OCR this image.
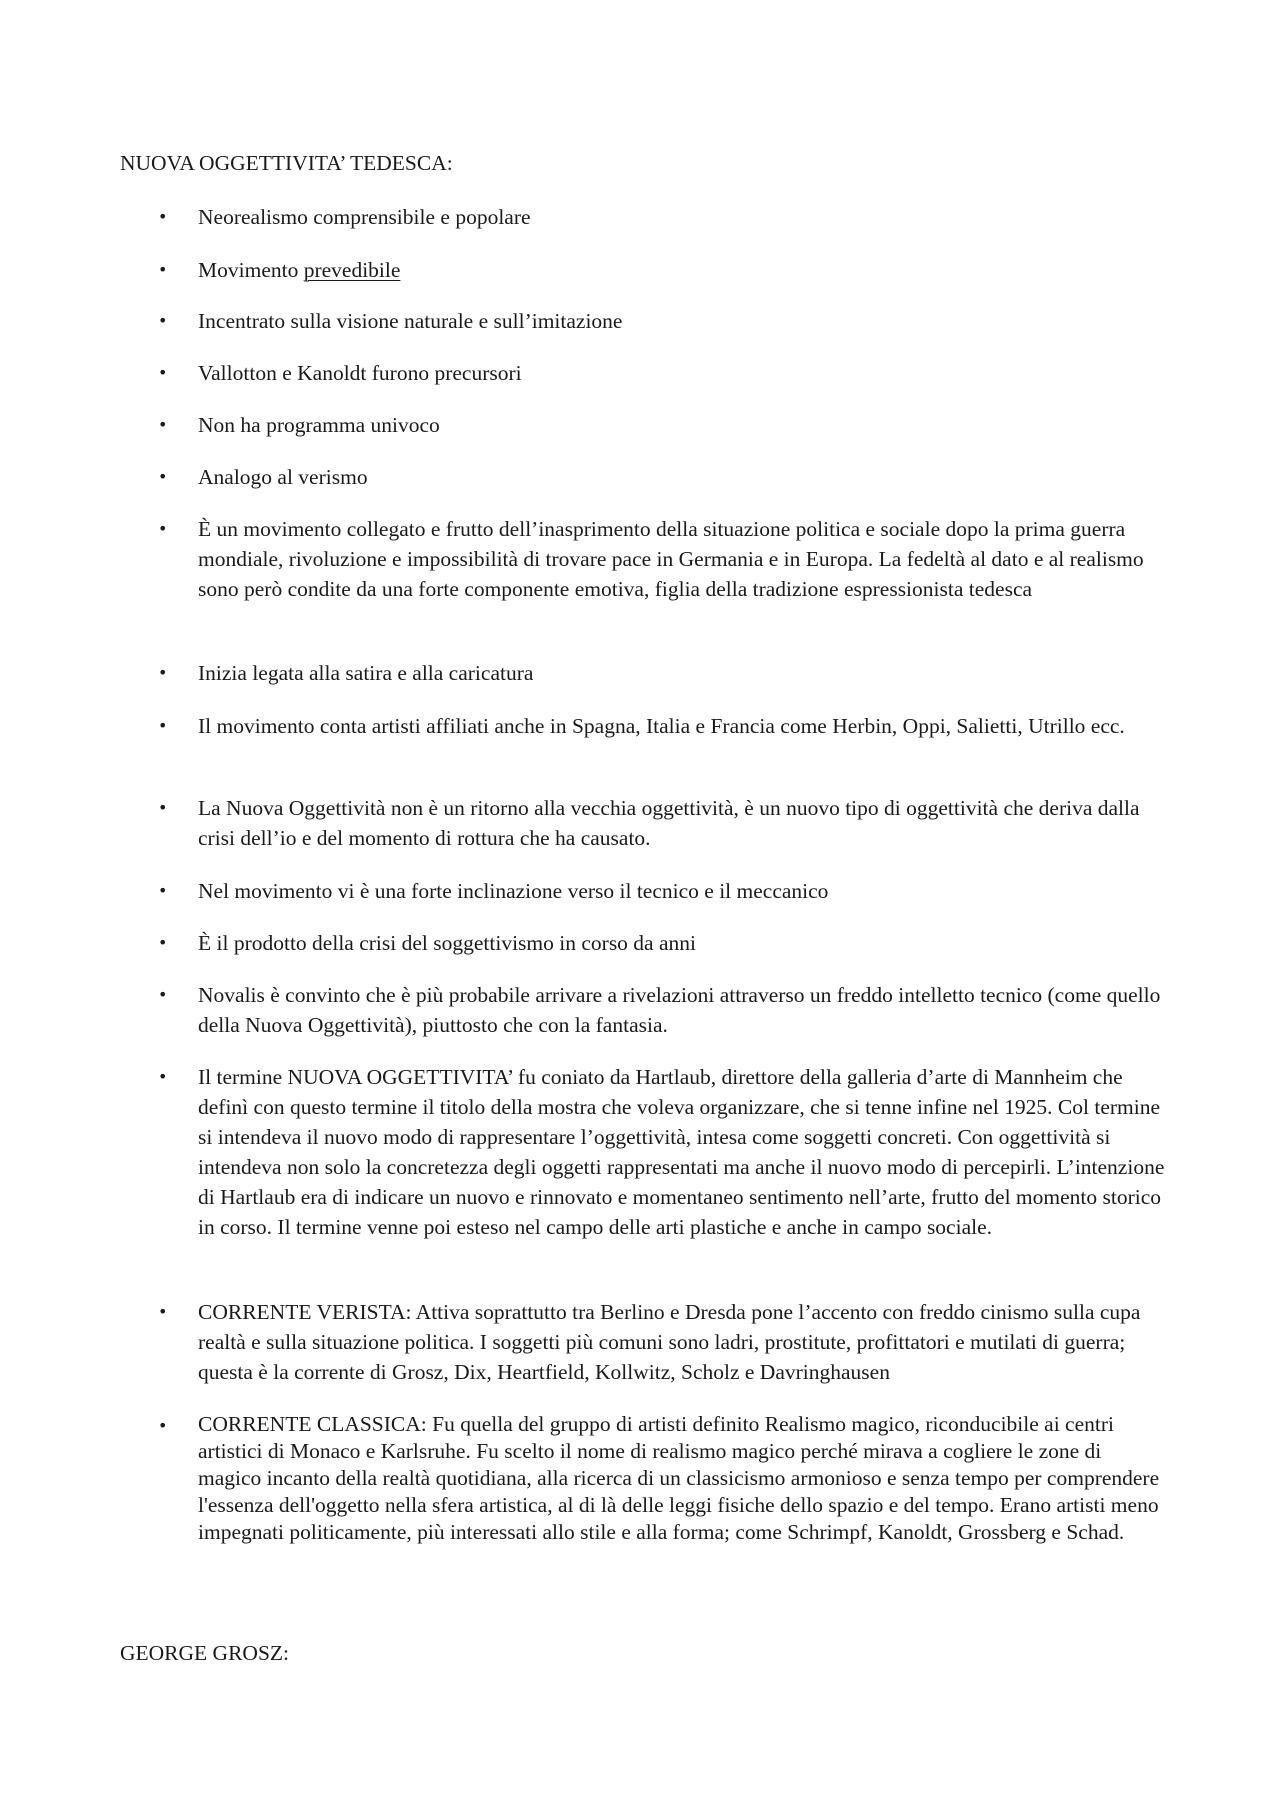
NUOVA OGGETTIVITA’ TEDESCA:
• Neorealismo comprensibile e popolare
• Movimento prevedibile
• Incentrato sulla visione naturale e sull’imitazione
• Vallotton e Kanoldt furono precursori
• Non ha programma univoco
• Analogo al verismo
• È un movimento collegato e frutto dell’inasprimento della situazione politica e sociale dopo la prima guerra mondiale, rivoluzione e impossibilità di trovare pace in Germania e in Europa. La fedeltà al dato e al realismo sono però condite da una forte componente emotiva, figlia della tradizione espressionista tedesca
• Inizia legata alla satira e alla caricatura
• Il movimento conta artisti affiliati anche in Spagna, Italia e Francia come Herbin, Oppi, Salietti, Utrillo ecc.
• La Nuova Oggettività non è un ritorno alla vecchia oggettività, è un nuovo tipo di oggettività che deriva dalla crisi dell’io e del momento di rottura che ha causato.
• Nel movimento vi è una forte inclinazione verso il tecnico e il meccanico
• È il prodotto della crisi del soggettivismo in corso da anni
• Novalis è convinto che è più probabile arrivare a rivelazioni attraverso un freddo intelletto tecnico (come quello della Nuova Oggettività), piuttosto che con la fantasia.
• Il termine NUOVA OGGETTIVITA’ fu coniato da Hartlaub, direttore della galleria d’arte di Mannheim che definì con questo termine il titolo della mostra che voleva organizzare, che si tenne infine nel 1925. Col termine si intendeva il nuovo modo di rappresentare l’oggettività, intesa come soggetti concreti. Con oggettività si intendeva non solo la concretezza degli oggetti rappresentati ma anche il nuovo modo di percepirli. L’intenzione di Hartlaub era di indicare un nuovo e rinnovato e momentaneo sentimento nell’arte, frutto del momento storico in corso. Il termine venne poi esteso nel campo delle arti plastiche e anche in campo sociale.
• CORRENTE VERISTA: Attiva soprattutto tra Berlino e Dresda pone l’accento con freddo cinismo sulla cupa realtà e sulla situazione politica. I soggetti più comuni sono ladri, prostitute, profittatori e mutilati di guerra; questa è la corrente di Grosz, Dix, Heartfield, Kollwitz, Scholz e Davringhausen
• CORRENTE CLASSICA: Fu quella del gruppo di artisti definito Realismo magico, riconducibile ai centri artistici di Monaco e Karlsruhe. Fu scelto il nome di realismo magico perché mirava a cogliere le zone di magico incanto della realtà quotidiana, alla ricerca di un classicismo armonioso e senza tempo per comprendere l'essenza dell'oggetto nella sfera artistica, al di là delle leggi fisiche dello spazio e del tempo. Erano artisti meno impegnati politicamente, più interessati allo stile e alla forma; come Schrimpf, Kanoldt, Grossberg e Schad.
GEORGE GROSZ:
